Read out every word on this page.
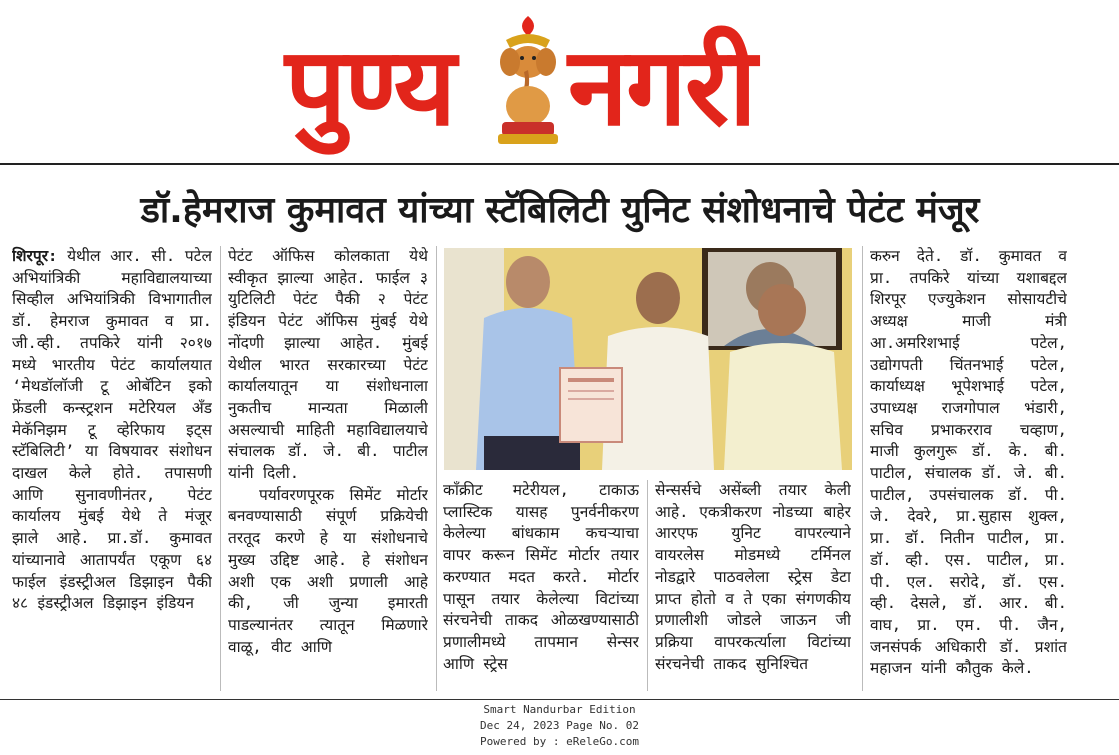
पुण्य नगरी
डॉ.हेमराज कुमावत यांच्या स्टॅबिलिटी युनिट संशोधनाचे पेटंट मंजूर

शिरपूर: येथील आर. सी. पटेल अभियांत्रिकी महाविद्यालयाच्या सिव्हील अभियांत्रिकी विभागातील डॉ. हेमराज कुमावत व प्रा. जी.व्ही. तपकिरे यांनी २०१७ मध्ये भारतीय पेटंट कार्यालयात ‘मेथडॉलॉजी टू ओबॅटिन इको फ्रेंडली कन्स्ट्रशन मटेरियल अँड मेकॅनिझम टू व्हेरिफाय इट्स स्टॅबिलिटी’ या विषयावर संशोधन दाखल केले होते. तपासणी आणि सुनावणीनंतर, पेटंट कार्यालय मुंबई येथे ते मंजूर झाले आहे. प्रा.डॉ. कुमावत यांच्यानावे आतापर्यंत एकूण ६४ फाईल इंडस्ट्रीअल डिझाइन पैकी ४८ इंडस्ट्रीअल डिझाइन इंडियन

पेटंट ऑफिस कोलकाता येथे स्वीकृत झाल्या आहेत. फाईल ३ युटिलिटी पेटंट पैकी २ पेटंट इंडियन पेटंट ऑफिस मुंबई येथे नोंदणी झाल्या आहेत. मुंबई येथील भारत सरकारच्या पेटंट कार्यालयातून या संशोधनाला नुकतीच मान्यता मिळाली असल्याची माहिती महाविद्यालयाचे संचालक डॉ. जे. बी. पाटील यांनी दिली.

पर्यावरणपूरक सिमेंट मोर्टार बनवण्यासाठी संपूर्ण प्रक्रियेची तरतूद करणे हे या संशोधनाचे मुख्य उद्दिष्ट आहे. हे संशोधन अशी एक अशी प्रणाली आहे की, जी जुन्या इमारती पाडल्यानंतर त्यातून मिळणारे वाळू, वीट आणि

कॉंक्रीट मटेरीयल, टाकाऊ प्लास्टिक यासह पुनर्वनीकरण केलेल्या बांधकाम कचऱ्याचा वापर करून सिमेंट मोर्टार तयार करण्यात मदत करते. मोर्टार पासून तयार केलेल्या विटांच्या संरचनेची ताकद ओळखण्यासाठी प्रणालीमध्ये तापमान सेन्सर आणि स्ट्रेस
सेन्सर्सचे असेंब्ली तयार केली आहे. एकत्रीकरण नोडच्या बाहेर आरएफ युनिट वापरल्याने वायरलेस मोडमध्ये टर्मिनल नोडद्वारे पाठवलेला स्ट्रेस डेटा प्राप्त होतो व ते एका संगणकीय प्रणालीशी जोडले जाऊन जी प्रक्रिया वापरकर्त्याला विटांच्या संरचनेची ताकद सुनिश्चित
करुन देते. डॉ. कुमावत व प्रा. तपकिरे यांच्या यशाबद्दल शिरपूर एज्युकेशन सोसायटीचे अध्यक्ष माजी मंत्री आ.अमरिशभाई पटेल, उद्योगपती चिंतनभाई पटेल, कार्याध्यक्ष भूपेशभाई पटेल, उपाध्यक्ष राजगोपाल भंडारी, सचिव प्रभाकरराव चव्हाण, माजी कुलगुरू डॉ. के. बी. पाटील, संचालक डॉ. जे. बी. पाटील, उपसंचालक डॉ. पी. जे. देवरे, प्रा.सुहास शुक्ल, प्रा. डॉ. नितीन पाटील, प्रा. डॉ. व्ही. एस. पाटील, प्रा. पी. एल. सरोदे, डॉ. एस. व्ही. देसले, डॉ. आर. बी. वाघ, प्रा. एम. पी. जैन, जनसंपर्क अधिकारी डॉ. प्रशांत महाजन यांनी कौतुक केले.
Smart Nandurbar Edition
Dec 24, 2023 Page No. 02
Powered by : eReleGo.com
